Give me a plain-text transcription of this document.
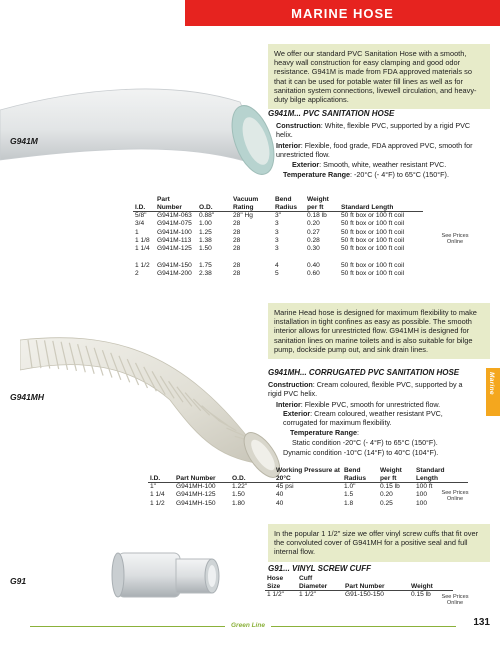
MARINE HOSE
G941M
We offer our standard PVC Sanitation Hose with a smooth, heavy wall construction for easy clamping and good odor resistance. G941M is made from FDA approved materials so that it can be used for potable water fill lines as well as for sanitation system connections, livewell circulation, and heavy-duty bilge applications.
G941M... PVC SANITATION HOSE
Construction: White, flexible PVC, supported by a rigid PVC helix.
Interior: Flexible, food grade, FDA approved PVC, smooth for unrestricted flow.
Exterior: Smooth, white, weather resistant PVC.
Temperature Range: -20°C (- 4°F) to 65°C (150°F).
I.D.	Part Number	O.D.	Vacuum Rating	Bend Radius	Weight per ft	Standard Length
5/8"	G941M-063	0.88"	28" Hg	3"	0.18 lb	50 ft box or 100 ft coil
3/4	G941M-075	1.00	28	3	0.20	50 ft box or 100 ft coil
1	G941M-100	1.25	28	3	0.27	50 ft box or 100 ft coil
1 1/8	G941M-113	1.38	28	3	0.28	50 ft box or 100 ft coil
1 1/4	G941M-125	1.50	28	3	0.30	50 ft box or 100 ft coil

1 1/2	G941M-150	1.75	28	4	0.40	50 ft box or 100 ft coil
2	G941M-200	2.38	28	5	0.60	50 ft box or 100 ft coil
See Prices Online
G941MH
Marine Head hose is designed for maximum flexibility to make installation in tight confines as easy as possible. The smooth interior allows for unrestricted flow. G941MH is designed for sanitation lines on marine toilets and is also suitable for bilge pump, dockside pump out, and sink drain lines.
G941MH... CORRUGATED PVC SANITATION HOSE
Construction: Cream coloured, flexible PVC, supported by a rigid PVC helix.
Interior: Flexible PVC, smooth for unrestricted flow.
Exterior: Cream coloured, weather resistant PVC, corrugated for maximum flexibility.
Temperature Range:
Static condition -20°C (- 4°F) to 65°C (150°F).
Dynamic condition -10°C (14°F) to 40°C (104°F).
I.D.	Part Number	O.D.	Working Pressure at 20°C	Bend Radius	Weight per ft	Standard Length
1"	G941MH-100	1.22"	45 psi	1.0"	0.15 lb	100 ft
1 1/4	G941MH-125	1.50	40	1.5	0.20	100
1 1/2	G941MH-150	1.80	40	1.8	0.25	100
See Prices Online
G91
In the popular 1 1/2" size we offer vinyl screw cuffs that fit over the convoluted cover of G941MH for a positive seal and full internal flow.
G91... VINYL SCREW CUFF
Hose Size	Cuff Diameter	Part Number	Weight
1 1/2"	1 1/2"	G91-150-150	0.15 lb See Prices Online
Marine
Green Line	131
